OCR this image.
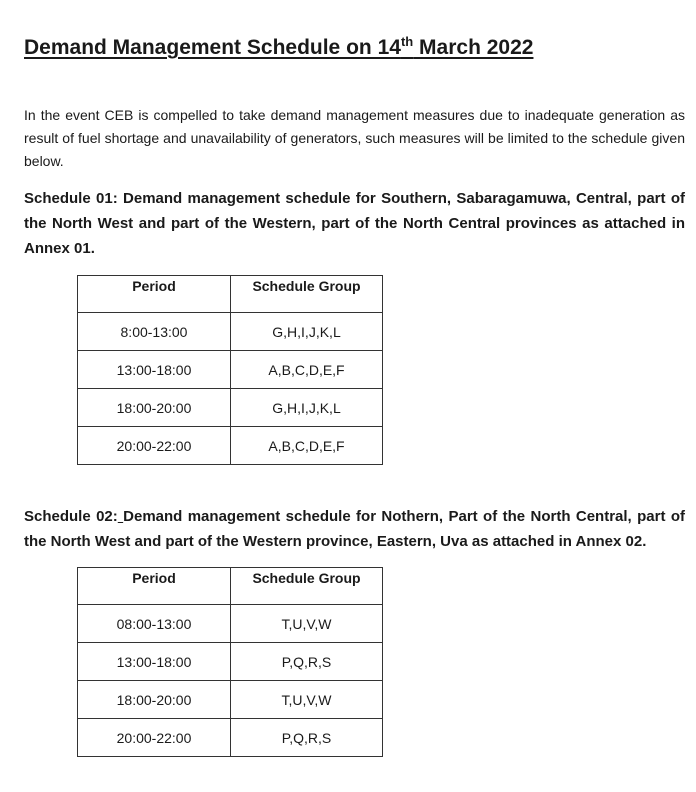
Demand Management Schedule on 14th March 2022

In the event CEB is compelled to take demand management measures due to inadequate generation as result of fuel shortage and unavailability of generators, such measures will be limited to the schedule given below.

Schedule 01: Demand management schedule for Southern, Sabaragamuwa, Central, part of the North West and part of the Western, part of the North Central provinces as attached in Annex 01.

Period	Schedule Group
8:00-13:00	G,H,I,J,K,L
13:00-18:00	A,B,C,D,E,F
18:00-20:00	G,H,I,J,K,L
20:00-22:00	A,B,C,D,E,F

Schedule 02: Demand management schedule for Nothern, Part of the North Central, part of the North West and part of the Western province, Eastern, Uva as attached in Annex 02.

Period	Schedule Group
08:00-13:00	T,U,V,W
13:00-18:00	P,Q,R,S
18:00-20:00	T,U,V,W
20:00-22:00	P,Q,R,S
